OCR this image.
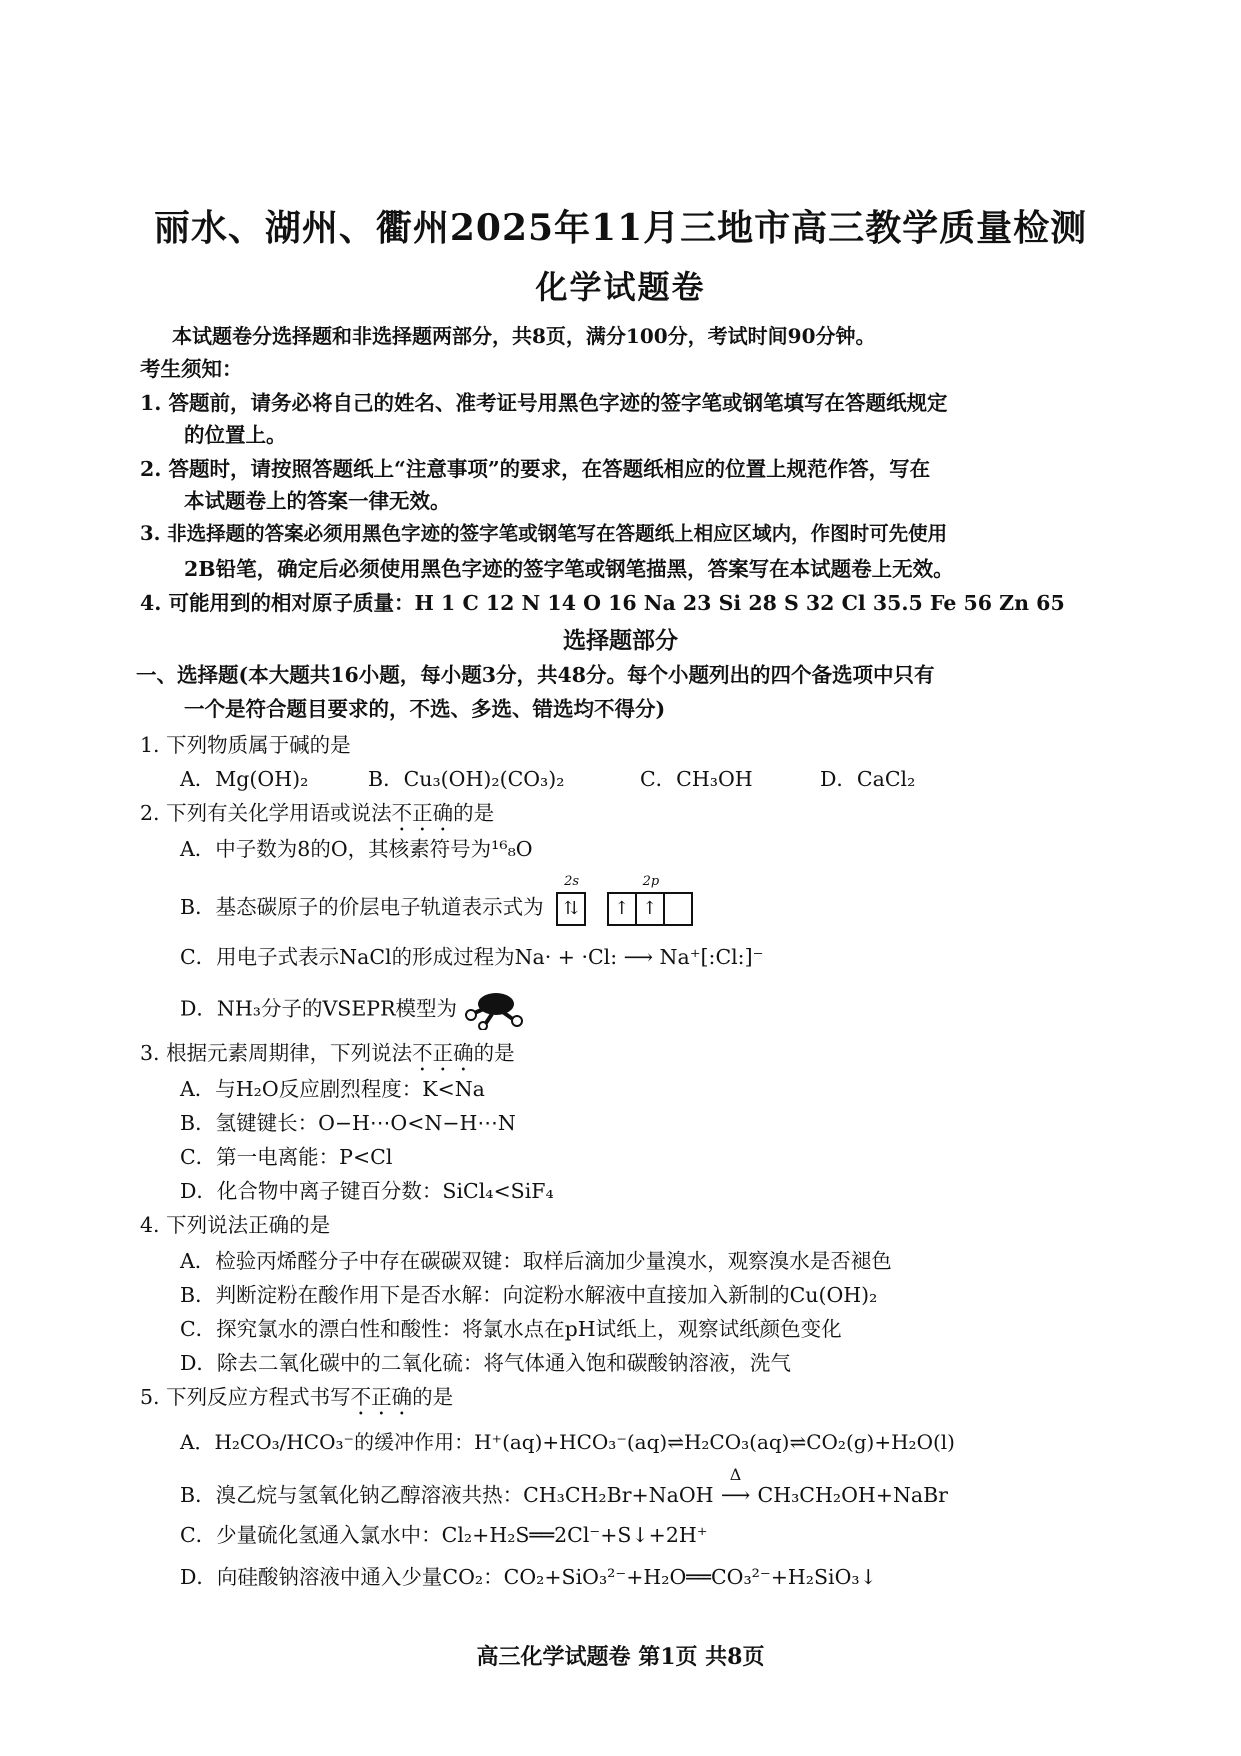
丽水、湖州、衢州2025年11月三地市高三教学质量检测
化学试题卷
本试题卷分选择题和非选择题两部分，共8页，满分100分，考试时间90分钟。
考生须知：
1. 答题前，请务必将自己的姓名、准考证号用黑色字迹的签字笔或钢笔填写在答题纸规定
的位置上。
2. 答题时，请按照答题纸上“注意事项”的要求，在答题纸相应的位置上规范作答，写在
本试题卷上的答案一律无效。
3. 非选择题的答案必须用黑色字迹的签字笔或钢笔写在答题纸上相应区域内，作图时可先使用
2B铅笔，确定后必须使用黑色字迹的签字笔或钢笔描黑，答案写在本试题卷上无效。
4. 可能用到的相对原子质量：H 1 C 12 N 14 O 16 Na 23 Si 28 S 32 Cl 35.5 Fe 56 Zn 65
选择题部分
一、选择题(本大题共16小题，每小题3分，共48分。每个小题列出的四个备选项中只有
一个是符合题目要求的，不选、多选、错选均不得分)
1. 下列物质属于碱的是
A．Mg(OH)₂	B．Cu₃(OH)₂(CO₃)₂	C．CH₃OH	D．CaCl₂
2. 下列有关化学用语或说法不正确的是
A．中子数为8的O，其核素符号为¹⁶₈O
B．基态碳原子的价层电子轨道表示式为
2s
⇅
2p
↑ ↑
C．用电子式表示NaCl的形成过程为Na· + ·Cl: ⟶ Na⁺[:Cl:]⁻
D．NH₃分子的VSEPR模型为
3. 根据元素周期律，下列说法不正确的是
A．与H₂O反应剧烈程度：K<Na
B．氢键键长：O−H⋯O<N−H⋯N
C．第一电离能：P<Cl
D．化合物中离子键百分数：SiCl₄<SiF₄
4. 下列说法正确的是
A．检验丙烯醛分子中存在碳碳双键：取样后滴加少量溴水，观察溴水是否褪色
B．判断淀粉在酸作用下是否水解：向淀粉水解液中直接加入新制的Cu(OH)₂
C．探究氯水的漂白性和酸性：将氯水点在pH试纸上，观察试纸颜色变化
D．除去二氧化碳中的二氧化硫：将气体通入饱和碳酸钠溶液，洗气
5. 下列反应方程式书写不正确的是
A．H₂CO₃/HCO₃⁻的缓冲作用：H⁺(aq)+HCO₃⁻(aq)⇌H₂CO₃(aq)⇌CO₂(g)+H₂O(l)
B．溴乙烷与氢氧化钠乙醇溶液共热：CH₃CH₂Br+NaOH
Δ
⟶ CH₃CH₂OH+NaBr
C．少量硫化氢通入氯水中：Cl₂+H₂S══2Cl⁻+S↓+2H⁺
D．向硅酸钠溶液中通入少量CO₂：CO₂+SiO₃²⁻+H₂O══CO₃²⁻+H₂SiO₃↓
高三化学试题卷 第1页 共8页
